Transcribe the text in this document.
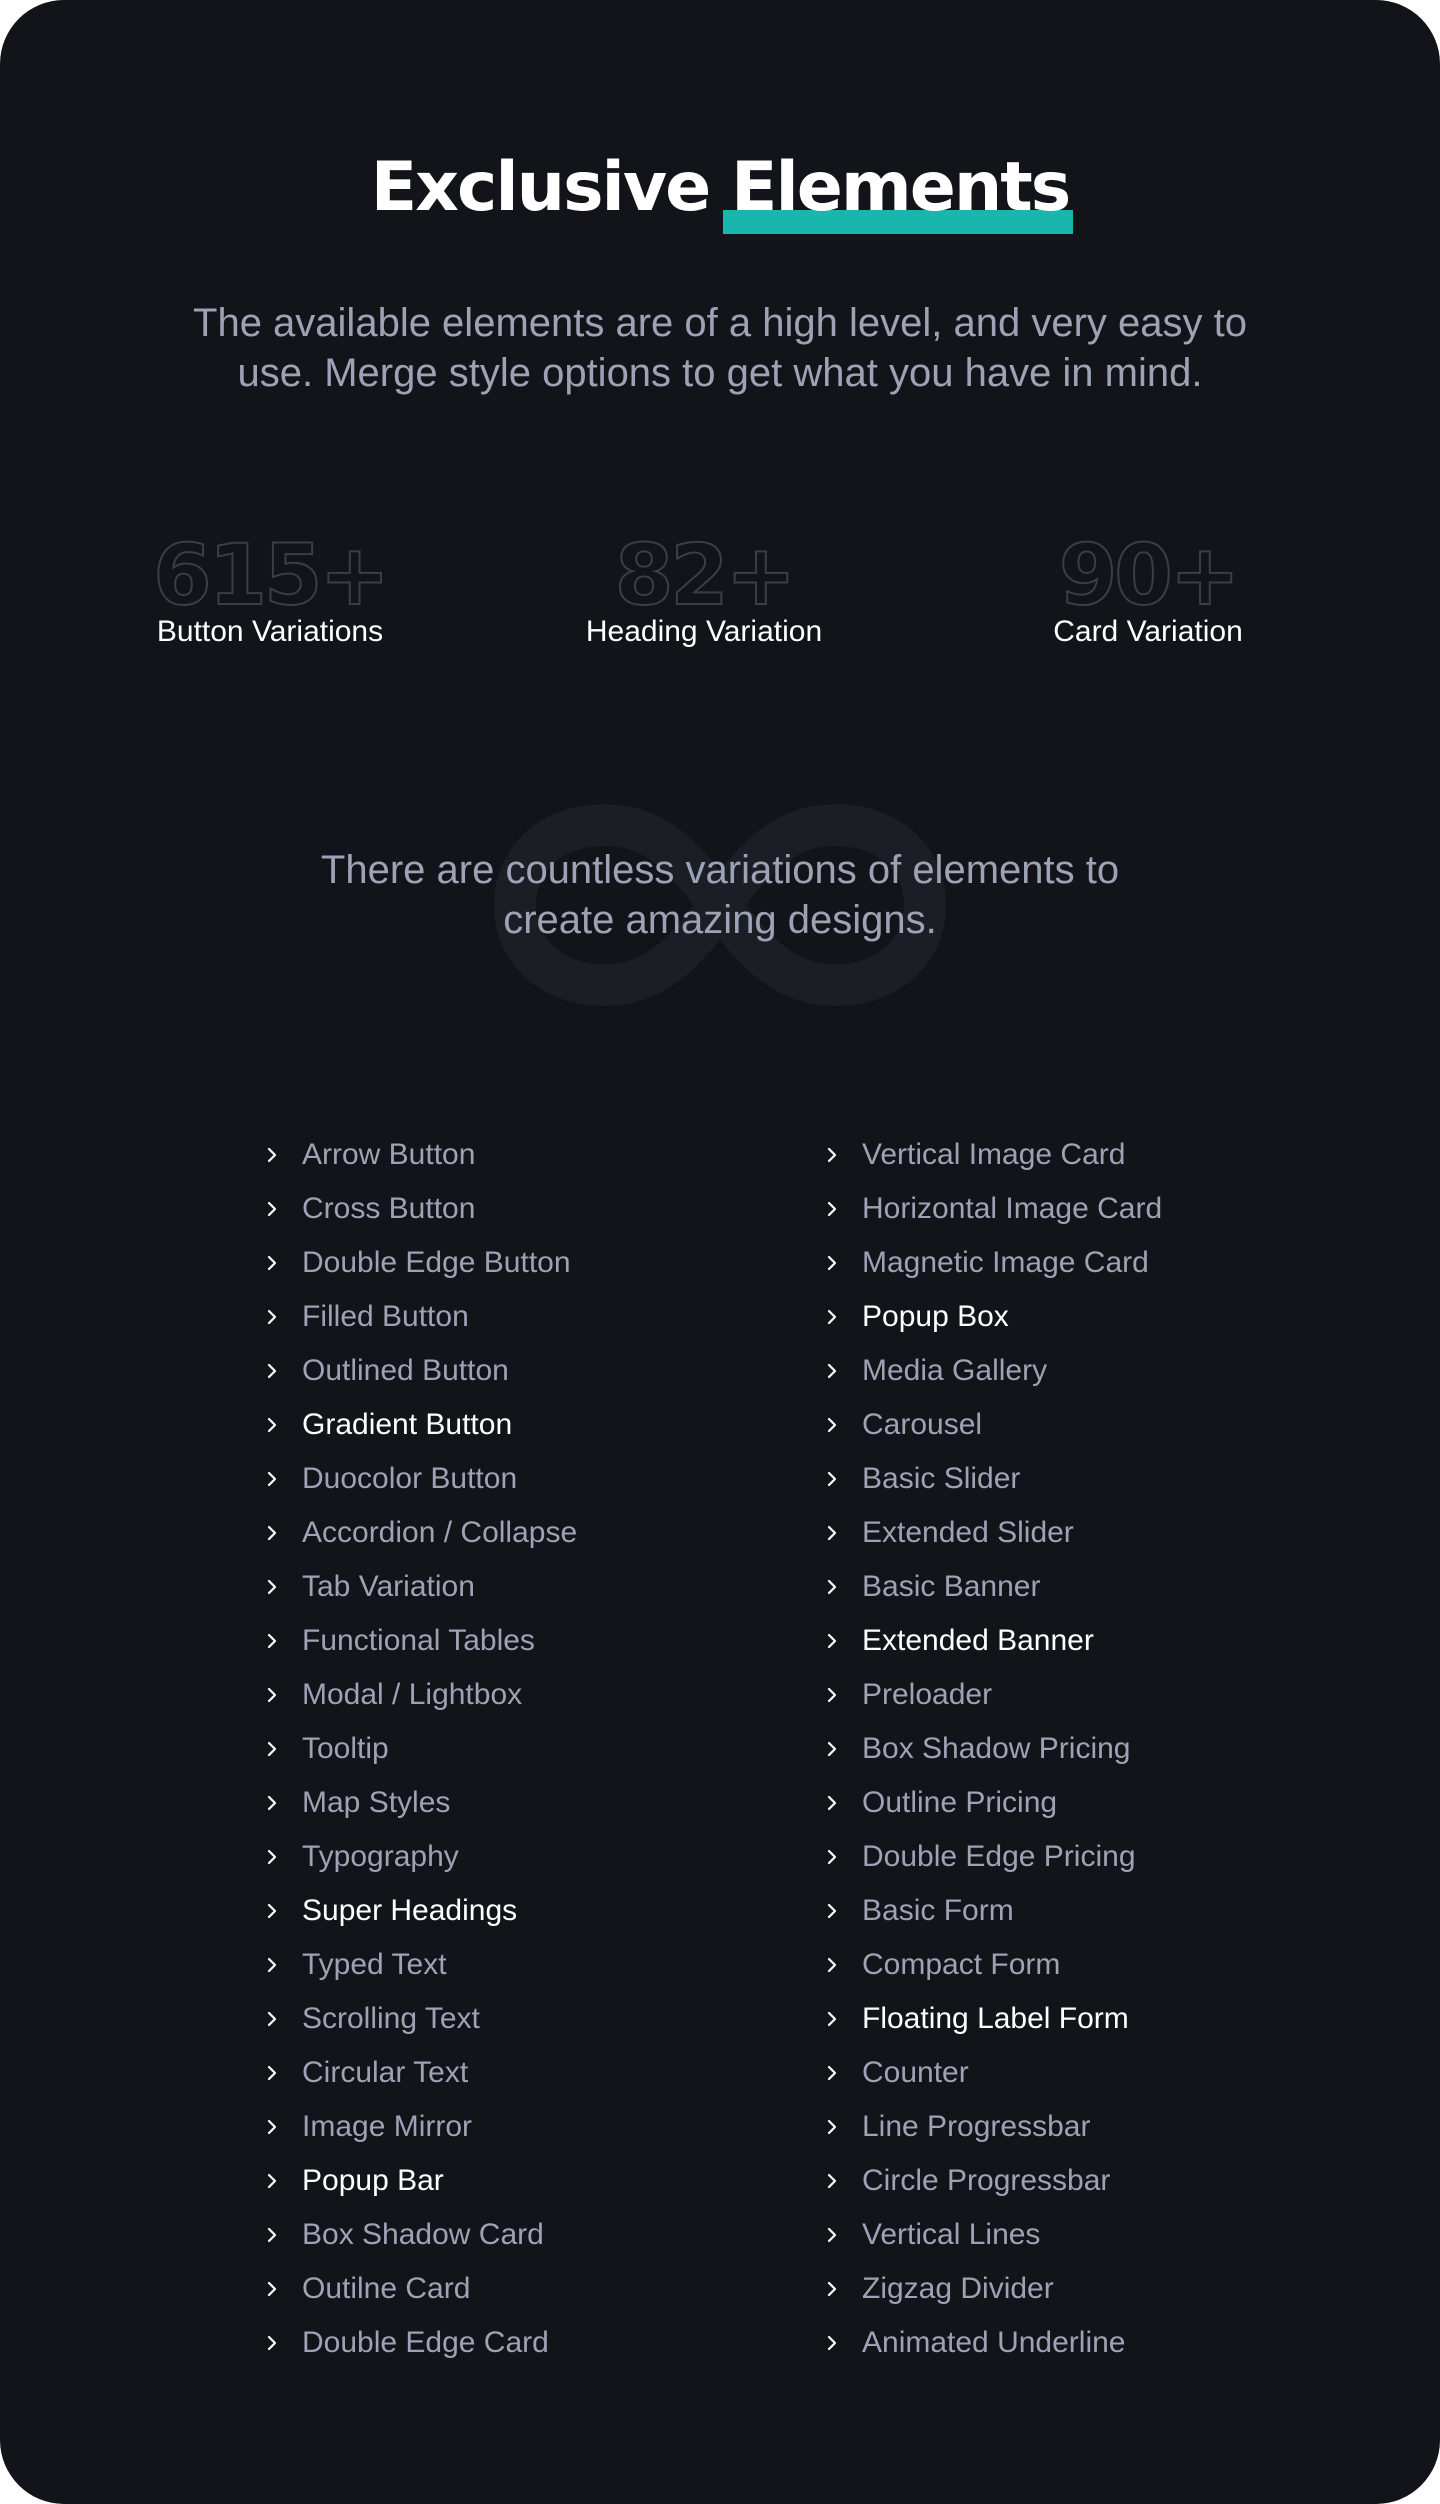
Exclusive Elements

The available elements are of a high level, and very easy to use. Merge style options to get what you have in mind.

615+
Button Variations
82+
Heading Variation
90+
Card Variation

There are countless variations of elements to create amazing designs.

Arrow Button
Cross Button
Double Edge Button
Filled Button
Outlined Button
Gradient Button
Duocolor Button
Accordion / Collapse
Tab Variation
Functional Tables
Modal / Lightbox
Tooltip
Map Styles
Typography
Super Headings
Typed Text
Scrolling Text
Circular Text
Image Mirror
Popup Bar
Box Shadow Card
Outilne Card
Double Edge Card
Vertical Image Card
Horizontal Image Card
Magnetic Image Card
Popup Box
Media Gallery
Carousel
Basic Slider
Extended Slider
Basic Banner
Extended Banner
Preloader
Box Shadow Pricing
Outline Pricing
Double Edge Pricing
Basic Form
Compact Form
Floating Label Form
Counter
Line Progressbar
Circle Progressbar
Vertical Lines
Zigzag Divider
Animated Underline
